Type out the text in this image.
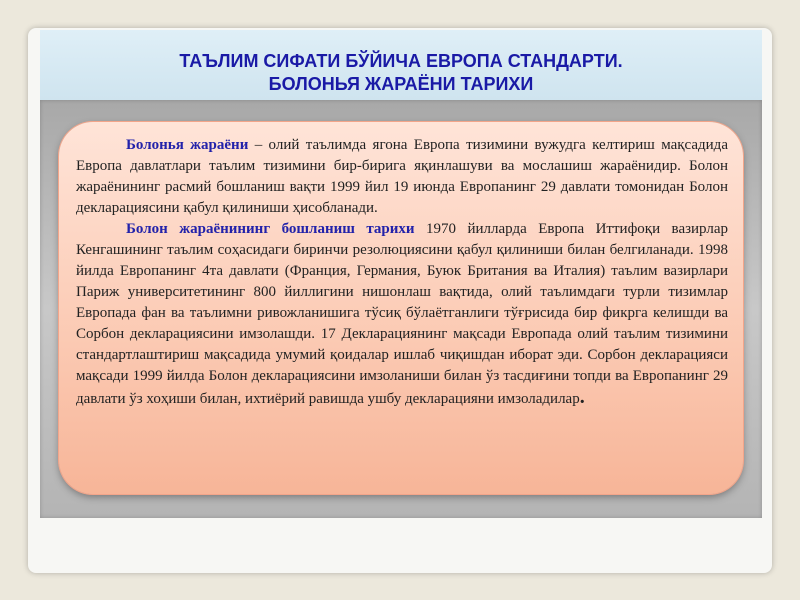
ТАЪЛИМ СИФАТИ БЎЙИЧА ЕВРОПА СТАНДАРТИ.
БОЛОНЬЯ ЖАРАЁНИ ТАРИХИ

Болонья жараёни – олий таълимда ягона Европа тизимини вужудга келтириш мақсадида Европа давлатлари таълим тизимини бир-бирига яқинлашуви ва мослашиш жараёнидир. Болон жараёнининг расмий бошланиш вақти 1999 йил 19 июнда Европанинг 29 давлати томонидан Болон декларациясини қабул қилиниши ҳисобланади.

Болон жараёнининг бошланиш тарихи 1970 йилларда Европа Иттифоқи вазирлар Кенгашининг таълим соҳасидаги биринчи резолюциясини қабул қилиниши билан белгиланади. 1998 йилда Европанинг 4та давлати (Франция, Германия, Буюк Британия ва Италия) таълим вазирлари Париж университетининг 800 йиллигини нишонлаш вақтида, олий таълимдаги турли тизимлар Европада фан ва таълимни ривожланишига тўсиқ бўлаётганлиги тўғрисида бир фикрга келишди ва Сорбон декларациясини имзолашди. 17 Декларациянинг мақсади Европада олий таълим тизимини стандартлаштириш мақсадида умумий қоидалар ишлаб чиқишдан иборат эди. Сорбон декларацияси мақсади 1999 йилда Болон декларациясини имзоланиши билан ўз тасдиғини топди ва Европанинг 29 давлати ўз хоҳиши билан, ихтиёрий равишда ушбу декларацияни имзоладилар.
